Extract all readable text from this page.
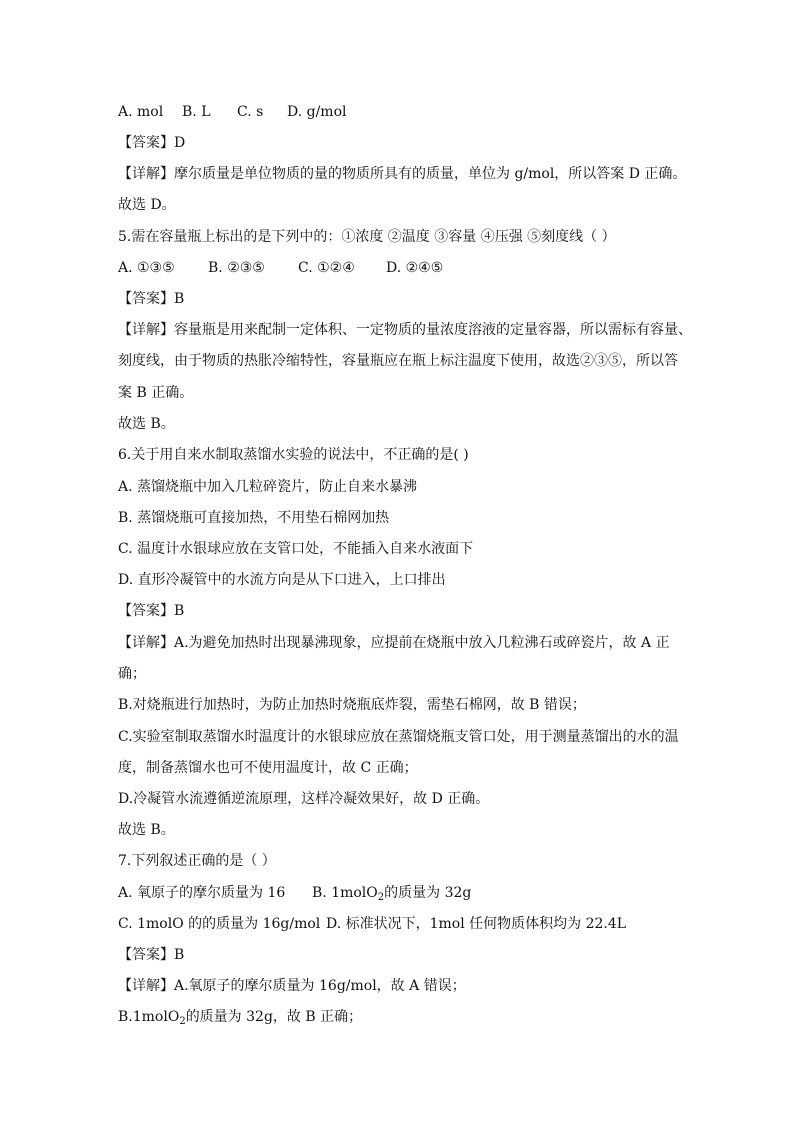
A. mol B. L C. s D. g/mol
【答案】D
【详解】摩尔质量是单位物质的量的物质所具有的质量，单位为 g/mol，所以答案 D 正确。
故选 D。
5.需在容量瓶上标出的是下列中的：①浓度 ②温度 ③容量 ④压强 ⑤刻度线（ ）
A. ①③⑤ B. ②③⑤ C. ①②④ D. ②④⑤
【答案】B
【详解】容量瓶是用来配制一定体积、一定物质的量浓度溶液的定量容器，所以需标有容量、
刻度线，由于物质的热胀冷缩特性，容量瓶应在瓶上标注温度下使用，故选②③⑤，所以答
案 B 正确。
故选 B。
6.关于用自来水制取蒸馏水实验的说法中，不正确的是( )
A. 蒸馏烧瓶中加入几粒碎瓷片，防止自来水暴沸
B. 蒸馏烧瓶可直接加热，不用垫石棉网加热
C. 温度计水银球应放在支管口处，不能插入自来水液面下
D. 直形冷凝管中的水流方向是从下口进入，上口排出
【答案】B
【详解】A.为避免加热时出现暴沸现象，应提前在烧瓶中放入几粒沸石或碎瓷片，故 A 正
确；
B.对烧瓶进行加热时，为防止加热时烧瓶底炸裂，需垫石棉网，故 B 错误；
C.实验室制取蒸馏水时温度计的水银球应放在蒸馏烧瓶支管口处，用于测量蒸馏出的水的温
度，制备蒸馏水也可不使用温度计，故 C 正确；
D.冷凝管水流遵循逆流原理，这样冷凝效果好，故 D 正确。
故选 B。
7.下列叙述正确的是（ ）
A. 氧原子的摩尔质量为 16 B. 1molO$_2$的质量为 32g
C. 1molO 的的质量为 16g/mol D. 标准状况下，1mol 任何物质体积均为 22.4L
【答案】B
【详解】A.氧原子的摩尔质量为 16g/mol，故 A 错误；
B.1molO$_2$的质量为 32g，故 B 正确；
